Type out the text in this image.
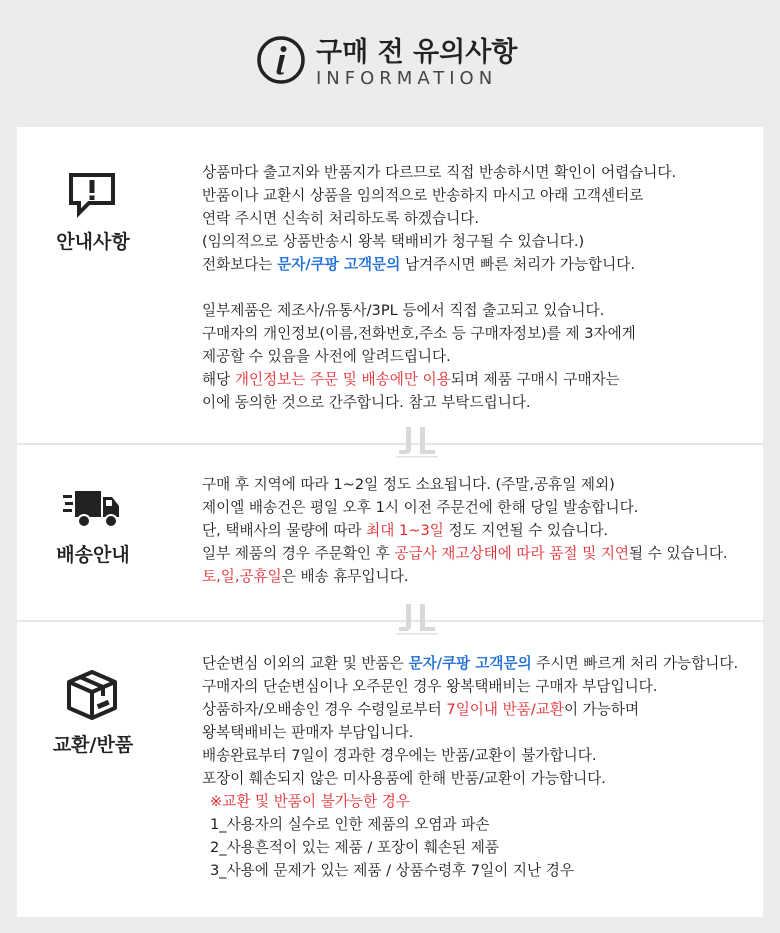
구매 전 유의사항
INFORMATION
안내사항
상품마다 출고지와 반품지가 다르므로 직접 반송하시면 확인이 어렵습니다.
반품이나 교환시 상품을 임의적으로 반송하지 마시고 아래 고객센터로
연락 주시면 신속히 처리하도록 하겠습니다.
(임의적으로 상품반송시 왕복 택배비가 청구될 수 있습니다.)
전화보다는 문자/쿠팡 고객문의 남겨주시면 빠른 처리가 가능합니다.

일부제품은 제조사/유통사/3PL 등에서 직접 출고되고 있습니다.
구매자의 개인정보(이름,전화번호,주소 등 구매자정보)를 제 3자에게
제공할 수 있음을 사전에 알려드립니다.
해당 개인정보는 주문 및 배송에만 이용되며 제품 구매시 구매자는
이에 동의한 것으로 간주합니다. 참고 부탁드립니다.
배송안내
구매 후 지역에 따라 1~2일 정도 소요됩니다. (주말,공휴일 제외)
제이엘 배송건은 평일 오후 1시 이전 주문건에 한해 당일 발송합니다.
단, 택배사의 물량에 따라 최대 1~3일 정도 지연될 수 있습니다.
일부 제품의 경우 주문확인 후 공급사 재고상태에 따라 품절 및 지연될 수 있습니다.
토,일,공휴일은 배송 휴무입니다.
교환/반품
단순변심 이외의 교환 및 반품은 문자/쿠팡 고객문의 주시면 빠르게 처리 가능합니다.
구매자의 단순변심이나 오주문인 경우 왕복택배비는 구매자 부담입니다.
상품하자/오배송인 경우 수령일로부터 7일이내 반품/교환이 가능하며
왕복택배비는 판매자 부담입니다.
배송완료부터 7일이 경과한 경우에는 반품/교환이 불가합니다.
포장이 훼손되지 않은 미사용품에 한해 반품/교환이 가능합니다.
※교환 및 반품이 불가능한 경우
1_사용자의 실수로 인한 제품의 오염과 파손
2_사용흔적이 있는 제품 / 포장이 훼손된 제품
3_사용에 문제가 있는 제품 / 상품수령후 7일이 지난 경우
